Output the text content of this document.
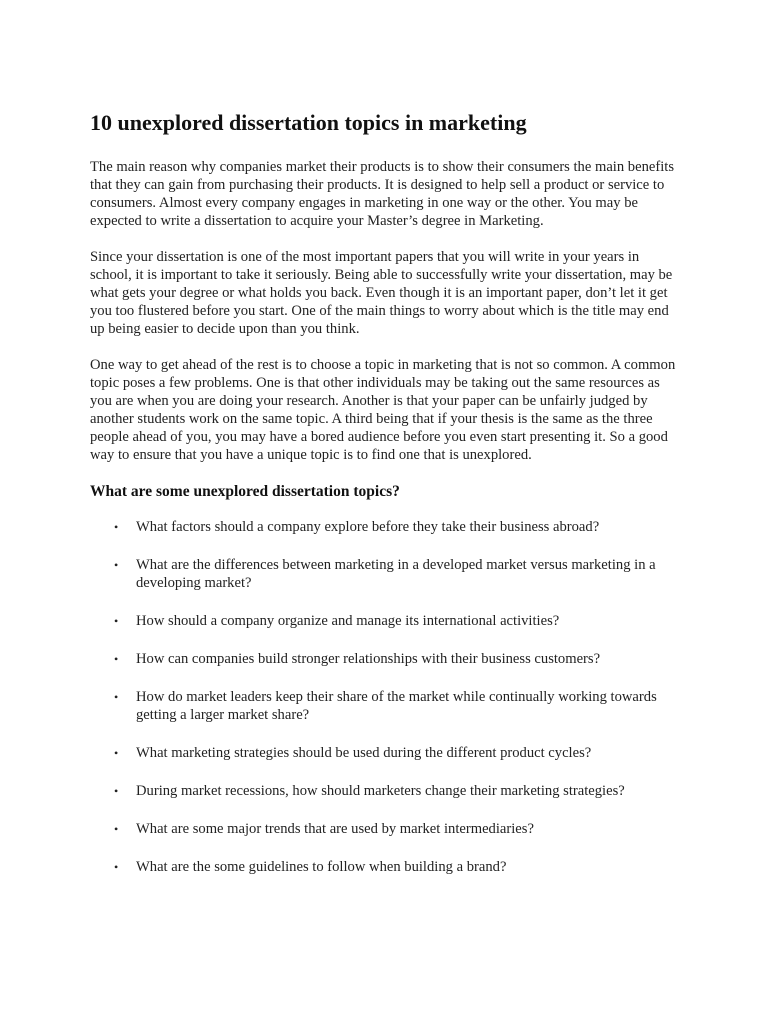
10 unexplored dissertation topics in marketing

The main reason why companies market their products is to show their consumers the main benefits that they can gain from purchasing their products. It is designed to help sell a product or service to consumers. Almost every company engages in marketing in one way or the other. You may be expected to write a dissertation to acquire your Master’s degree in Marketing.

Since your dissertation is one of the most important papers that you will write in your years in school, it is important to take it seriously. Being able to successfully write your dissertation, may be what gets your degree or what holds you back. Even though it is an important paper, don’t let it get you too flustered before you start. One of the main things to worry about which is the title may end up being easier to decide upon than you think.

One way to get ahead of the rest is to choose a topic in marketing that is not so common. A common topic poses a few problems. One is that other individuals may be taking out the same resources as you are when you are doing your research. Another is that your paper can be unfairly judged by another students work on the same topic. A third being that if your thesis is the same as the three people ahead of you, you may have a bored audience before you even start presenting it. So a good way to ensure that you have a unique topic is to find one that is unexplored.

What are some unexplored dissertation topics?
•	What factors should a company explore before they take their business abroad?
•	What are the differences between marketing in a developed market versus marketing in a developing market?
•	How should a company organize and manage its international activities?
•	How can companies build stronger relationships with their business customers?
•	How do market leaders keep their share of the market while continually working towards getting a larger market share?
•	What marketing strategies should be used during the different product cycles?
•	During market recessions, how should marketers change their marketing strategies?
•	What are some major trends that are used by market intermediaries?
•	What are the some guidelines to follow when building a brand?
